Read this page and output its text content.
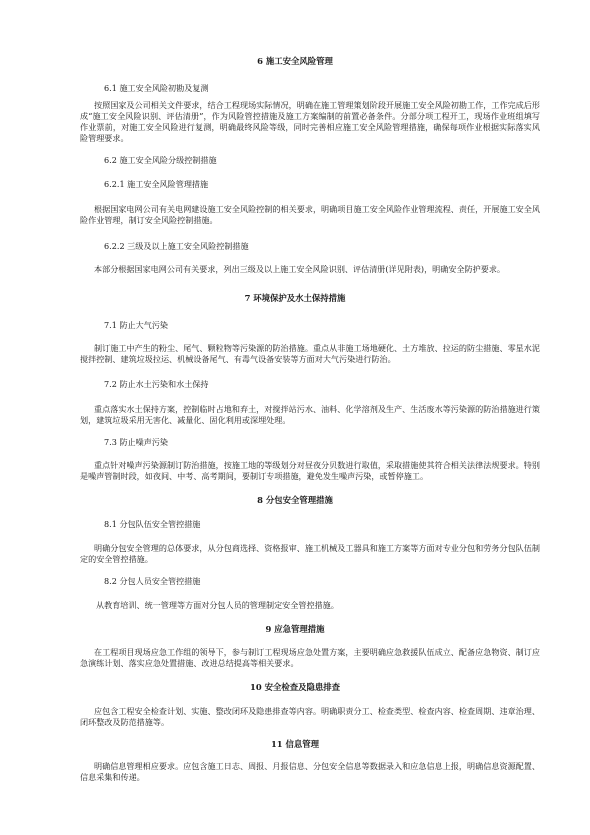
6 施工安全风险管理
6.1 施工安全风险初勘及复测
按照国家及公司相关文件要求，结合工程现场实际情况，明确在施工管理策划阶段开展施工安全风险初勘工作，工作完成后形成“施工安全风险识别、评估清册”，作为风险管控措施及施工方案编制的前置必备条件。分部分项工程开工，现场作业班组填写作业票前，对施工安全风险进行复测，明确最终风险等级，同时完善相应施工安全风险管理措施，确保每项作业根据实际落实风险管理要求。
6.2 施工安全风险分级控制措施
6.2.1 施工安全风险管理措施
根据国家电网公司有关电网建设施工安全风险控制的相关要求，明确项目施工安全风险作业管理流程、责任，开展施工安全风险作业管理，制订安全风险控制措施。
6.2.2 三级及以上施工安全风险控制措施
本部分根据国家电网公司有关要求，列出三级及以上施工安全风险识别、评估清册(详见附表)，明确安全防护要求。
7 环境保护及水土保持措施
7.1 防止大气污染
制订施工中产生的粉尘、尾气、颗粒物等污染源的防治措施。重点从非施工场地硬化、土方堆放、拉运的防尘措施、零星水泥搅拌控制、建筑垃圾拉运、机械设备尾气、有毒气设备安装等方面对大气污染进行防治。
7.2 防止水土污染和水土保持
重点落实水土保持方案，控制临时占地和弃土，对搅拌站污水、油料、化学溶剂及生产、生活废水等污染源的防治措施进行策划，建筑垃圾采用无害化、减量化、固化利用或深埋处理。
7.3 防止噪声污染
重点针对噪声污染源制订防治措施，按施工地的等级划分对昼夜分贝数进行取值，采取措施使其符合相关法律法规要求。特别是噪声管制时段，如夜间、中考、高考期间，要制订专项措施，避免发生噪声污染，或暂停施工。
8 分包安全管理措施
8.1 分包队伍安全管控措施
明确分包安全管理的总体要求，从分包商选择、资格报审、施工机械及工器具和施工方案等方面对专业分包和劳务分包队伍制定的安全管控措施。
8.2 分包人员安全管控措施
从教育培训、统一管理等方面对分包人员的管理制定安全管控措施。
9 应急管理措施
在工程项目现场应急工作组的领导下，参与制订工程现场应急处置方案，主要明确应急救援队伍成立、配备应急物资、制订应急演练计划、落实应急处置措施、改进总结提高等相关要求。
10 安全检查及隐患排查
应包含工程安全检查计划、实施、整改闭环及隐患排查等内容。明确职责分工、检查类型、检查内容、检查周期、违章治理、闭环整改及防范措施等。
11 信息管理
明确信息管理相应要求。应包含施工日志、周报、月报信息、分包安全信息等数据录入和应急信息上报，明确信息资源配置、信息采集和传递。
